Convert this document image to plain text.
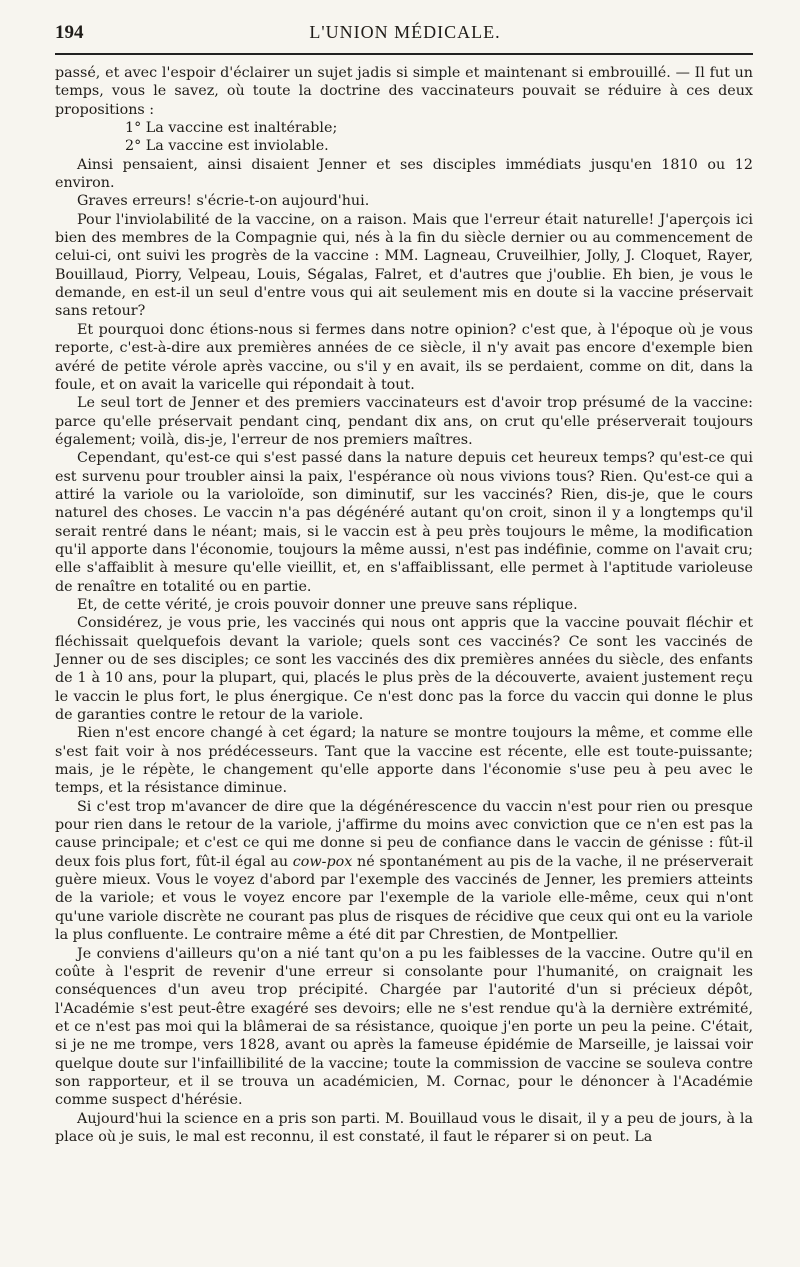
194	L'UNION MÉDICALE.

passé, et avec l'espoir d'éclairer un sujet jadis si simple et maintenant si embrouillé. — Il fut un temps, vous le savez, où toute la doctrine des vaccinateurs pouvait se réduire à ces deux propositions :

1° La vaccine est inaltérable;

2° La vaccine est inviolable.

Ainsi pensaient, ainsi disaient Jenner et ses disciples immédiats jusqu'en 1810 ou 12 environ.

Graves erreurs! s'écrie-t-on aujourd'hui.

Pour l'inviolabilité de la vaccine, on a raison. Mais que l'erreur était naturelle! J'aperçois ici bien des membres de la Compagnie qui, nés à la fin du siècle dernier ou au commencement de celui-ci, ont suivi les progrès de la vaccine : MM. Lagneau, Cruveilhier, Jolly, J. Cloquet, Rayer, Bouillaud, Piorry, Velpeau, Louis, Ségalas, Falret, et d'autres que j'oublie. Eh bien, je vous le demande, en est-il un seul d'entre vous qui ait seulement mis en doute si la vaccine préservait sans retour?

Et pourquoi donc étions-nous si fermes dans notre opinion? c'est que, à l'époque où je vous reporte, c'est-à-dire aux premières années de ce siècle, il n'y avait pas encore d'exemple bien avéré de petite vérole après vaccine, ou s'il y en avait, ils se perdaient, comme on dit, dans la foule, et on avait la varicelle qui répondait à tout.

Le seul tort de Jenner et des premiers vaccinateurs est d'avoir trop présumé de la vaccine: parce qu'elle préservait pendant cinq, pendant dix ans, on crut qu'elle préserverait toujours également; voilà, dis-je, l'erreur de nos premiers maîtres.

Cependant, qu'est-ce qui s'est passé dans la nature depuis cet heureux temps? qu'est-ce qui est survenu pour troubler ainsi la paix, l'espérance où nous vivions tous? Rien. Qu'est-ce qui a attiré la variole ou la varioloïde, son diminutif, sur les vaccinés? Rien, dis-je, que le cours naturel des choses. Le vaccin n'a pas dégénéré autant qu'on croit, sinon il y a longtemps qu'il serait rentré dans le néant; mais, si le vaccin est à peu près toujours le même, la modification qu'il apporte dans l'économie, toujours la même aussi, n'est pas indéfinie, comme on l'avait cru; elle s'affaiblit à mesure qu'elle vieillit, et, en s'affaiblissant, elle permet à l'aptitude varioleuse de renaître en totalité ou en partie.

Et, de cette vérité, je crois pouvoir donner une preuve sans réplique.

Considérez, je vous prie, les vaccinés qui nous ont appris que la vaccine pouvait fléchir et fléchissait quelquefois devant la variole; quels sont ces vaccinés? Ce sont les vaccinés de Jenner ou de ses disciples; ce sont les vaccinés des dix premières années du siècle, des enfants de 1 à 10 ans, pour la plupart, qui, placés le plus près de la découverte, avaient justement reçu le vaccin le plus fort, le plus énergique. Ce n'est donc pas la force du vaccin qui donne le plus de garanties contre le retour de la variole.

Rien n'est encore changé à cet égard; la nature se montre toujours la même, et comme elle s'est fait voir à nos prédécesseurs. Tant que la vaccine est récente, elle est toute-puissante; mais, je le répète, le changement qu'elle apporte dans l'économie s'use peu à peu avec le temps, et la résistance diminue.

Si c'est trop m'avancer de dire que la dégénérescence du vaccin n'est pour rien ou presque pour rien dans le retour de la variole, j'affirme du moins avec conviction que ce n'en est pas la cause principale; et c'est ce qui me donne si peu de confiance dans le vaccin de génisse : fût-il deux fois plus fort, fût-il égal au cow-pox né spontanément au pis de la vache, il ne préserverait guère mieux. Vous le voyez d'abord par l'exemple des vaccinés de Jenner, les premiers atteints de la variole; et vous le voyez encore par l'exemple de la variole elle-même, ceux qui n'ont qu'une variole discrète ne courant pas plus de risques de récidive que ceux qui ont eu la variole la plus confluente. Le contraire même a été dit par Chrestien, de Montpellier.

Je conviens d'ailleurs qu'on a nié tant qu'on a pu les faiblesses de la vaccine. Outre qu'il en coûte à l'esprit de revenir d'une erreur si consolante pour l'humanité, on craignait les conséquences d'un aveu trop précipité. Chargée par l'autorité d'un si précieux dépôt, l'Académie s'est peut-être exagéré ses devoirs; elle ne s'est rendue qu'à la dernière extrémité, et ce n'est pas moi qui la blâmerai de sa résistance, quoique j'en porte un peu la peine. C'était, si je ne me trompe, vers 1828, avant ou après la fameuse épidémie de Marseille, je laissai voir quelque doute sur l'infaillibilité de la vaccine; toute la commission de vaccine se souleva contre son rapporteur, et il se trouva un académicien, M. Cornac, pour le dénoncer à l'Académie comme suspect d'hérésie.

Aujourd'hui la science en a pris son parti. M. Bouillaud vous le disait, il y a peu de jours, à la place où je suis, le mal est reconnu, il est constaté, il faut le réparer si on peut. La
